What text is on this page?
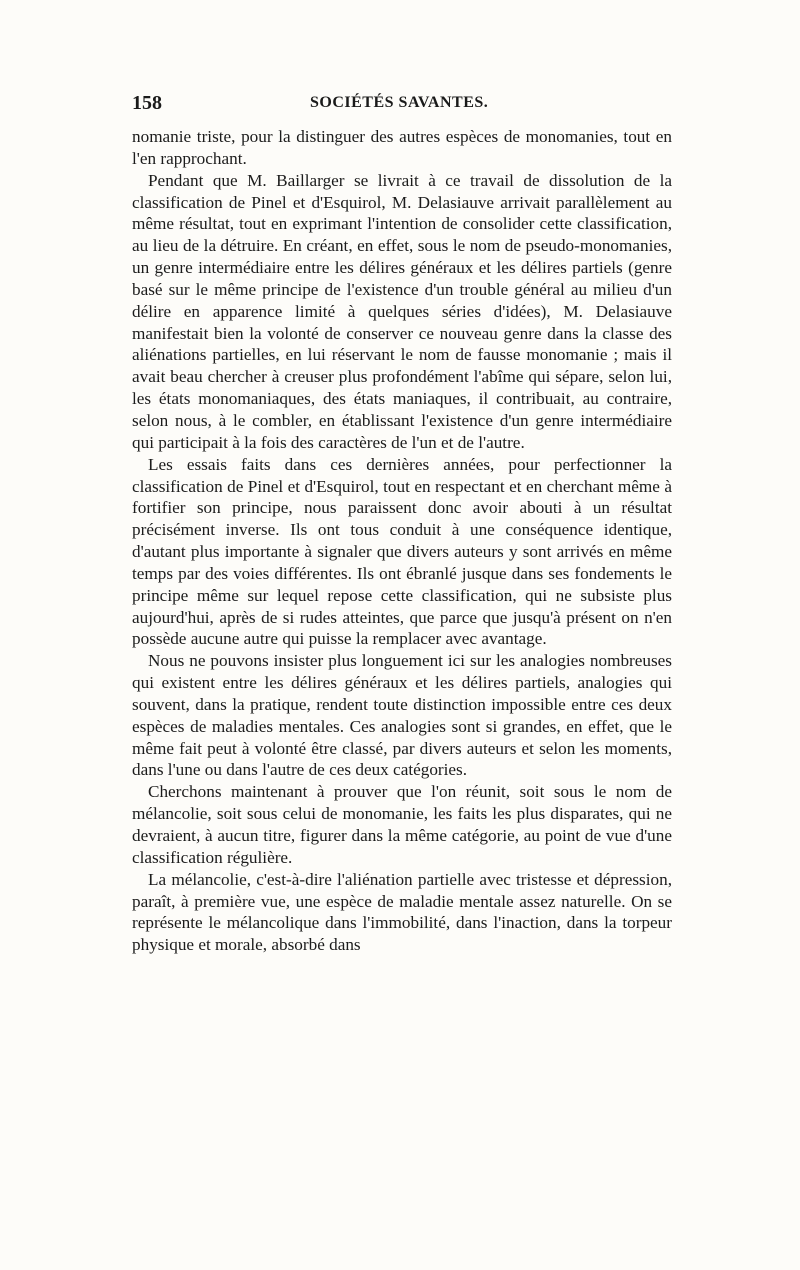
158	SOCIÉTÉS SAVANTES.

nomanie triste, pour la distinguer des autres espèces de monomanies, tout en l'en rapprochant.

Pendant que M. Baillarger se livrait à ce travail de dissolution de la classification de Pinel et d'Esquirol, M. Delasiauve arrivait parallèlement au même résultat, tout en exprimant l'intention de consolider cette classification, au lieu de la détruire. En créant, en effet, sous le nom de pseudo-monomanies, un genre intermédiaire entre les délires généraux et les délires partiels (genre basé sur le même principe de l'existence d'un trouble général au milieu d'un délire en apparence limité à quelques séries d'idées), M. Delasiauve manifestait bien la volonté de conserver ce nouveau genre dans la classe des aliénations partielles, en lui réservant le nom de fausse monomanie ; mais il avait beau chercher à creuser plus profondément l'abîme qui sépare, selon lui, les états monomaniaques, des états maniaques, il contribuait, au contraire, selon nous, à le combler, en établissant l'existence d'un genre intermédiaire qui participait à la fois des caractères de l'un et de l'autre.

Les essais faits dans ces dernières années, pour perfectionner la classification de Pinel et d'Esquirol, tout en respectant et en cherchant même à fortifier son principe, nous paraissent donc avoir abouti à un résultat précisément inverse. Ils ont tous conduit à une conséquence identique, d'autant plus importante à signaler que divers auteurs y sont arrivés en même temps par des voies différentes. Ils ont ébranlé jusque dans ses fondements le principe même sur lequel repose cette classification, qui ne subsiste plus aujourd'hui, après de si rudes atteintes, que parce que jusqu'à présent on n'en possède aucune autre qui puisse la remplacer avec avantage.

Nous ne pouvons insister plus longuement ici sur les analogies nombreuses qui existent entre les délires généraux et les délires partiels, analogies qui souvent, dans la pratique, rendent toute distinction impossible entre ces deux espèces de maladies mentales. Ces analogies sont si grandes, en effet, que le même fait peut à volonté être classé, par divers auteurs et selon les moments, dans l'une ou dans l'autre de ces deux catégories.

Cherchons maintenant à prouver que l'on réunit, soit sous le nom de mélancolie, soit sous celui de monomanie, les faits les plus disparates, qui ne devraient, à aucun titre, figurer dans la même catégorie, au point de vue d'une classification régulière.

La mélancolie, c'est-à-dire l'aliénation partielle avec tristesse et dépression, paraît, à première vue, une espèce de maladie mentale assez naturelle. On se représente le mélancolique dans l'immobilité, dans l'inaction, dans la torpeur physique et morale, absorbé dans
